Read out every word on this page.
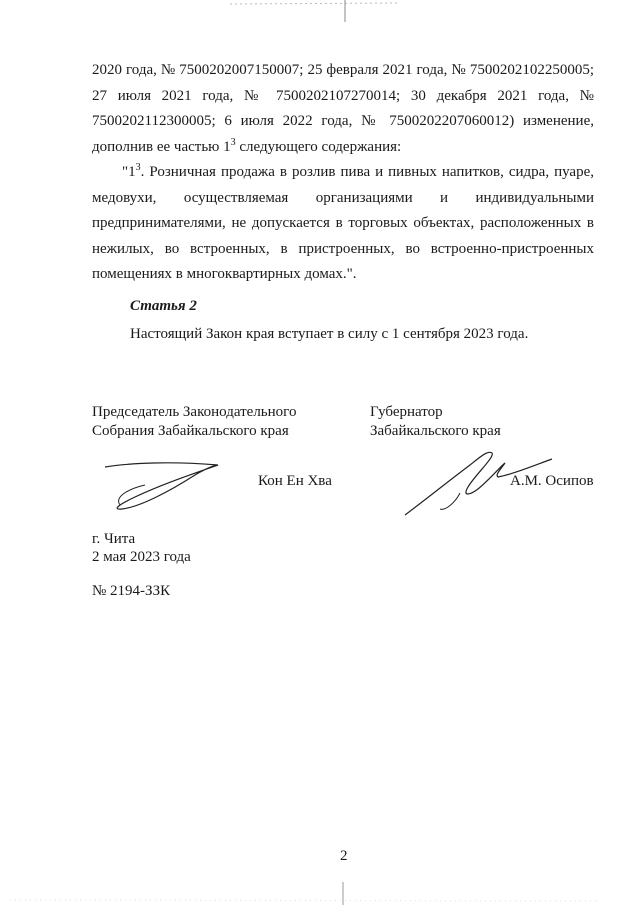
2020 года, № 7500202007150007; 25 февраля 2021 года, № 7500202102250005; 27 июля 2021 года, № 7500202107270014; 30 декабря 2021 года, № 7500202112300005; 6 июля 2022 года, № 7500202207060012) изменение, дополнив ее частью $1^3$ следующего содержания:
"$1^3$. Розничная продажа в розлив пива и пивных напитков, сидра, пуаре, медовухи, осуществляемая организациями и индивидуальными предпринимателями, не допускается в торговых объектах, расположенных в нежилых, во встроенных, в пристроенных, во встроенно-пристроенных помещениях в многоквартирных домах.".
Статья 2
Настоящий Закон края вступает в силу с 1 сентября 2023 года.
Председатель Законодательного
Собрания Забайкальского края
Губернатор
Забайкальского края
Кон Ен Хва	А.М. Осипов
г. Чита
2 мая 2023 года
№ 2194-ЗЗК
2
